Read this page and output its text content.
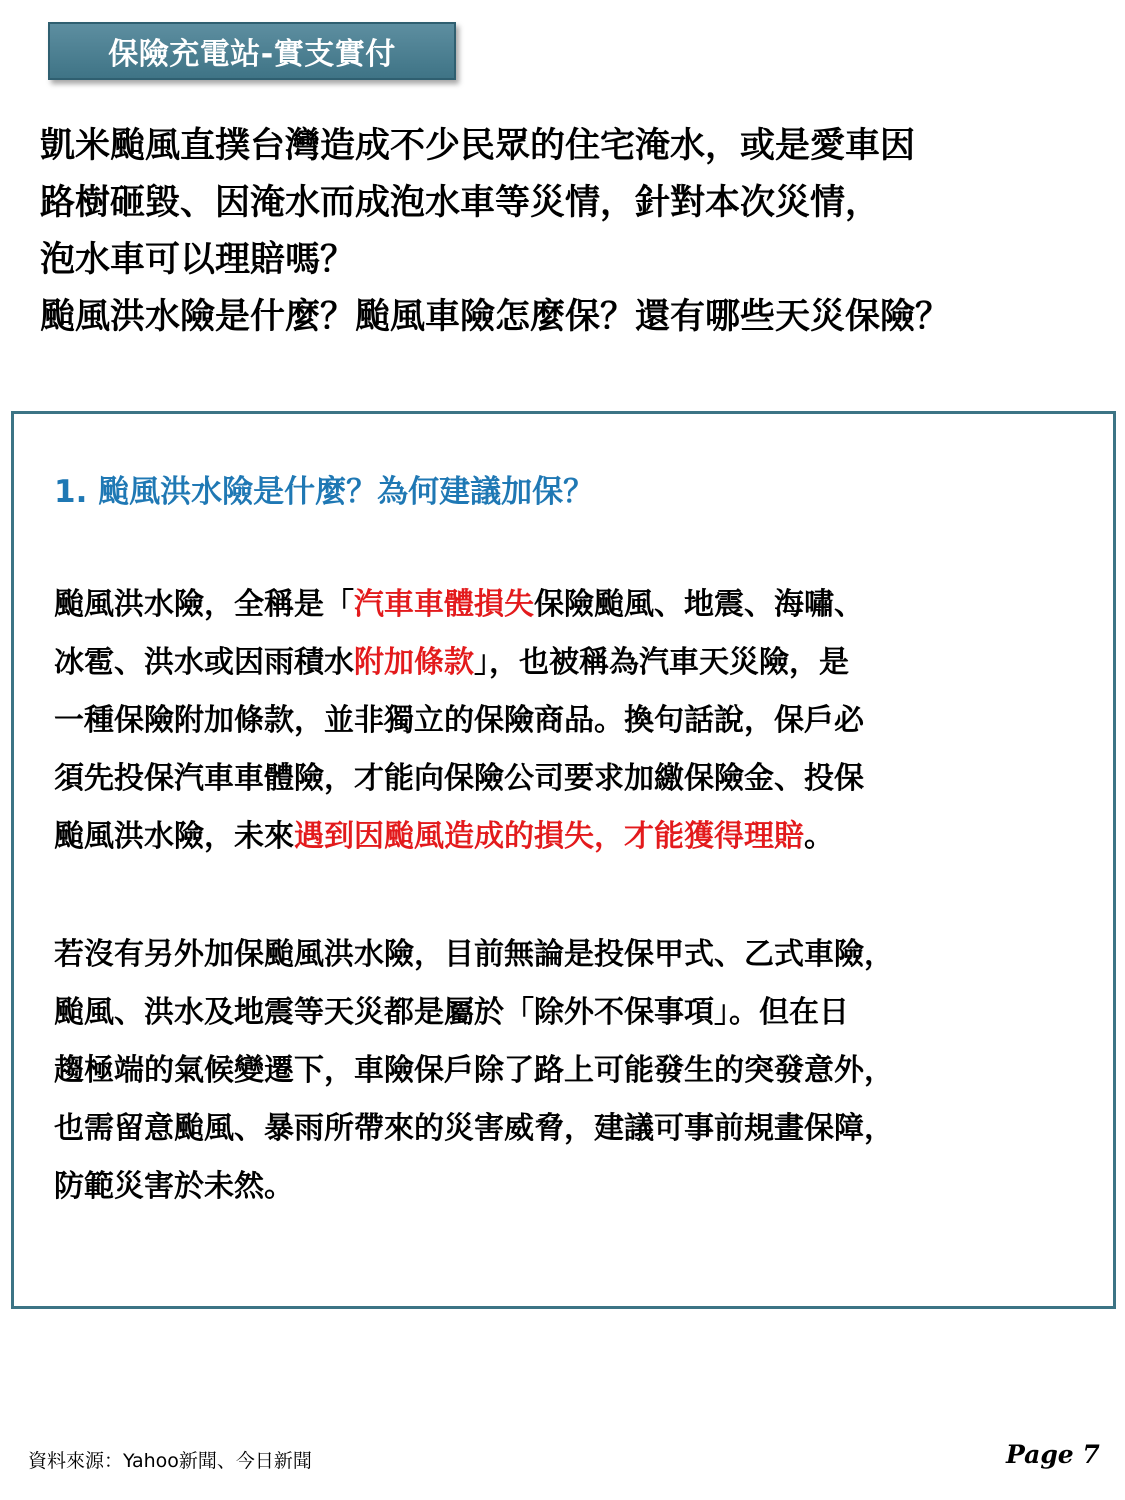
保險充電站-實支實付
凱米颱風直撲台灣造成不少民眾的住宅淹水，或是愛車因
路樹砸毀、因淹水而成泡水車等災情，針對本次災情，
泡水車可以理賠嗎？
颱風洪水險是什麼？颱風車險怎麼保？還有哪些天災保險？
1. 颱風洪水險是什麼？為何建議加保？
颱風洪水險，全稱是「汽車車體損失保險颱風、地震、海嘯、
冰雹、洪水或因雨積水附加條款」，也被稱為汽車天災險，是
一種保險附加條款，並非獨立的保險商品。換句話說，保戶必
須先投保汽車車體險，才能向保險公司要求加繳保險金、投保
颱風洪水險，未來遇到因颱風造成的損失，才能獲得理賠。
若沒有另外加保颱風洪水險，目前無論是投保甲式、乙式車險，
颱風、洪水及地震等天災都是屬於「除外不保事項」。但在日
趨極端的氣候變遷下，車險保戶除了路上可能發生的突發意外，
也需留意颱風、暴雨所帶來的災害威脅，建議可事前規畫保障，
防範災害於未然。
資料來源：Yahoo新聞、今日新聞	Page 7
